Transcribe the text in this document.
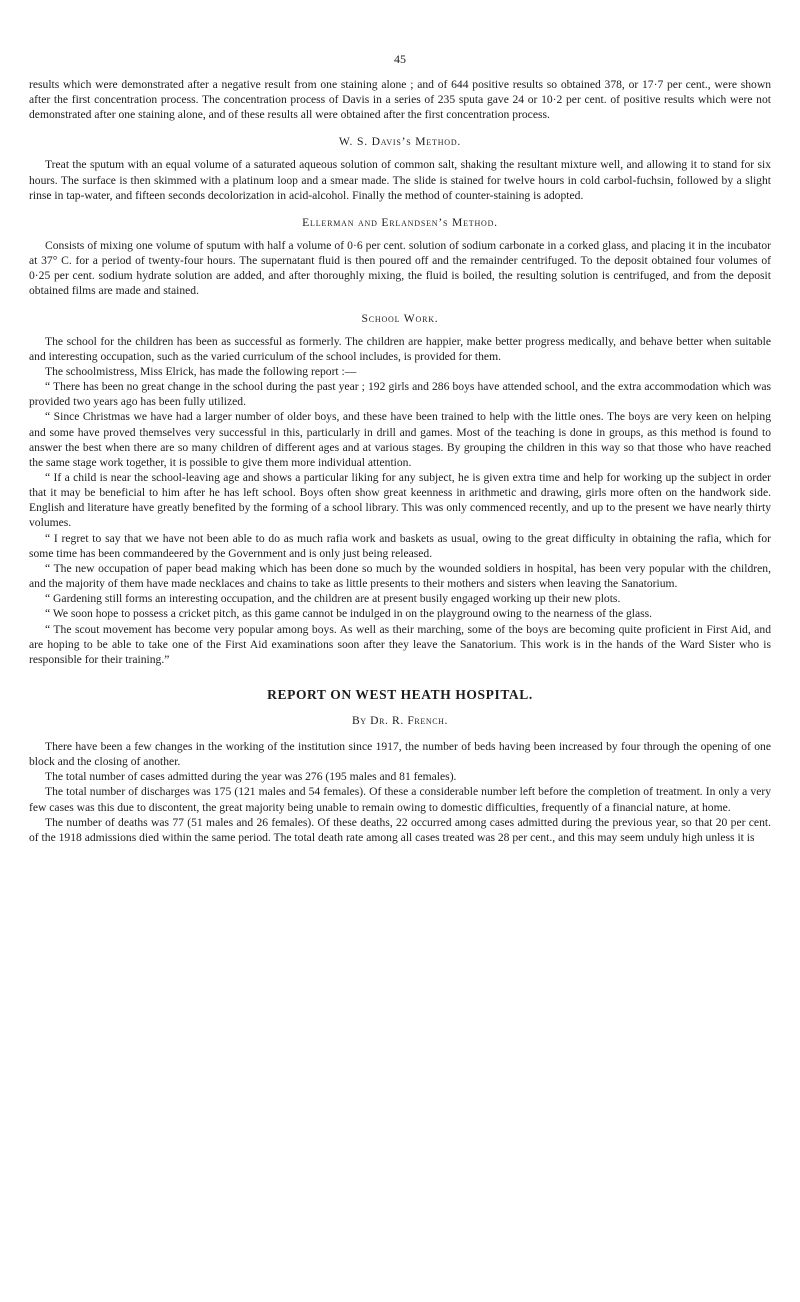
45

results which were demonstrated after a negative result from one staining alone ; and of 644 positive results so obtained 378, or 17·7 per cent., were shown after the first concentration process. The concentration process of Davis in a series of 235 sputa gave 24 or 10·2 per cent. of positive results which were not demonstrated after one staining alone, and of these results all were obtained after the first concentration process.

W. S. Davis’s Method.

Treat the sputum with an equal volume of a saturated aqueous solution of common salt, shaking the resultant mixture well, and allowing it to stand for six hours. The surface is then skimmed with a platinum loop and a smear made. The slide is stained for twelve hours in cold carbol-fuchsin, followed by a slight rinse in tap-water, and fifteen seconds decolorization in acid-alcohol. Finally the method of counter-staining is adopted.

Ellerman and Erlandsen’s Method.

Consists of mixing one volume of sputum with half a volume of 0·6 per cent. solution of sodium carbonate in a corked glass, and placing it in the incubator at 37° C. for a period of twenty-four hours. The supernatant fluid is then poured off and the remainder centrifuged. To the deposit obtained four volumes of 0·25 per cent. sodium hydrate solution are added, and after thoroughly mixing, the fluid is boiled, the resulting solution is centrifuged, and from the deposit obtained films are made and stained.

School Work.

The school for the children has been as successful as formerly. The children are happier, make better progress medically, and behave better when suitable and interesting occupation, such as the varied curriculum of the school includes, is provided for them.

The schoolmistress, Miss Elrick, has made the following report :—

“ There has been no great change in the school during the past year ; 192 girls and 286 boys have attended school, and the extra accommodation which was provided two years ago has been fully utilized.

“ Since Christmas we have had a larger number of older boys, and these have been trained to help with the little ones. The boys are very keen on helping and some have proved themselves very successful in this, particularly in drill and games. Most of the teaching is done in groups, as this method is found to answer the best when there are so many children of different ages and at various stages. By grouping the children in this way so that those who have reached the same stage work together, it is possible to give them more individual attention.

“ If a child is near the school-leaving age and shows a particular liking for any subject, he is given extra time and help for working up the subject in order that it may be beneficial to him after he has left school. Boys often show great keenness in arithmetic and drawing, girls more often on the handwork side. English and literature have greatly benefited by the forming of a school library. This was only commenced recently, and up to the present we have nearly thirty volumes.

“ I regret to say that we have not been able to do as much rafia work and baskets as usual, owing to the great difficulty in obtaining the rafia, which for some time has been commandeered by the Government and is only just being released.

“ The new occupation of paper bead making which has been done so much by the wounded soldiers in hospital, has been very popular with the children, and the majority of them have made necklaces and chains to take as little presents to their mothers and sisters when leaving the Sanatorium.

“ Gardening still forms an interesting occupation, and the children are at present busily engaged working up their new plots.

“ We soon hope to possess a cricket pitch, as this game cannot be indulged in on the playground owing to the nearness of the glass.

“ The scout movement has become very popular among boys. As well as their marching, some of the boys are becoming quite proficient in First Aid, and are hoping to be able to take one of the First Aid examinations soon after they leave the Sanatorium. This work is in the hands of the Ward Sister who is responsible for their training.”

REPORT ON WEST HEATH HOSPITAL.
By Dr. R. French.

There have been a few changes in the working of the institution since 1917, the number of beds having been increased by four through the opening of one block and the closing of another.

The total number of cases admitted during the year was 276 (195 males and 81 females).

The total number of discharges was 175 (121 males and 54 females). Of these a considerable number left before the completion of treatment. In only a very few cases was this due to discontent, the great majority being unable to remain owing to domestic difficulties, frequently of a financial nature, at home.

The number of deaths was 77 (51 males and 26 females). Of these deaths, 22 occurred among cases admitted during the previous year, so that 20 per cent. of the 1918 admissions died within the same period. The total death rate among all cases treated was 28 per cent., and this may seem unduly high unless it is
